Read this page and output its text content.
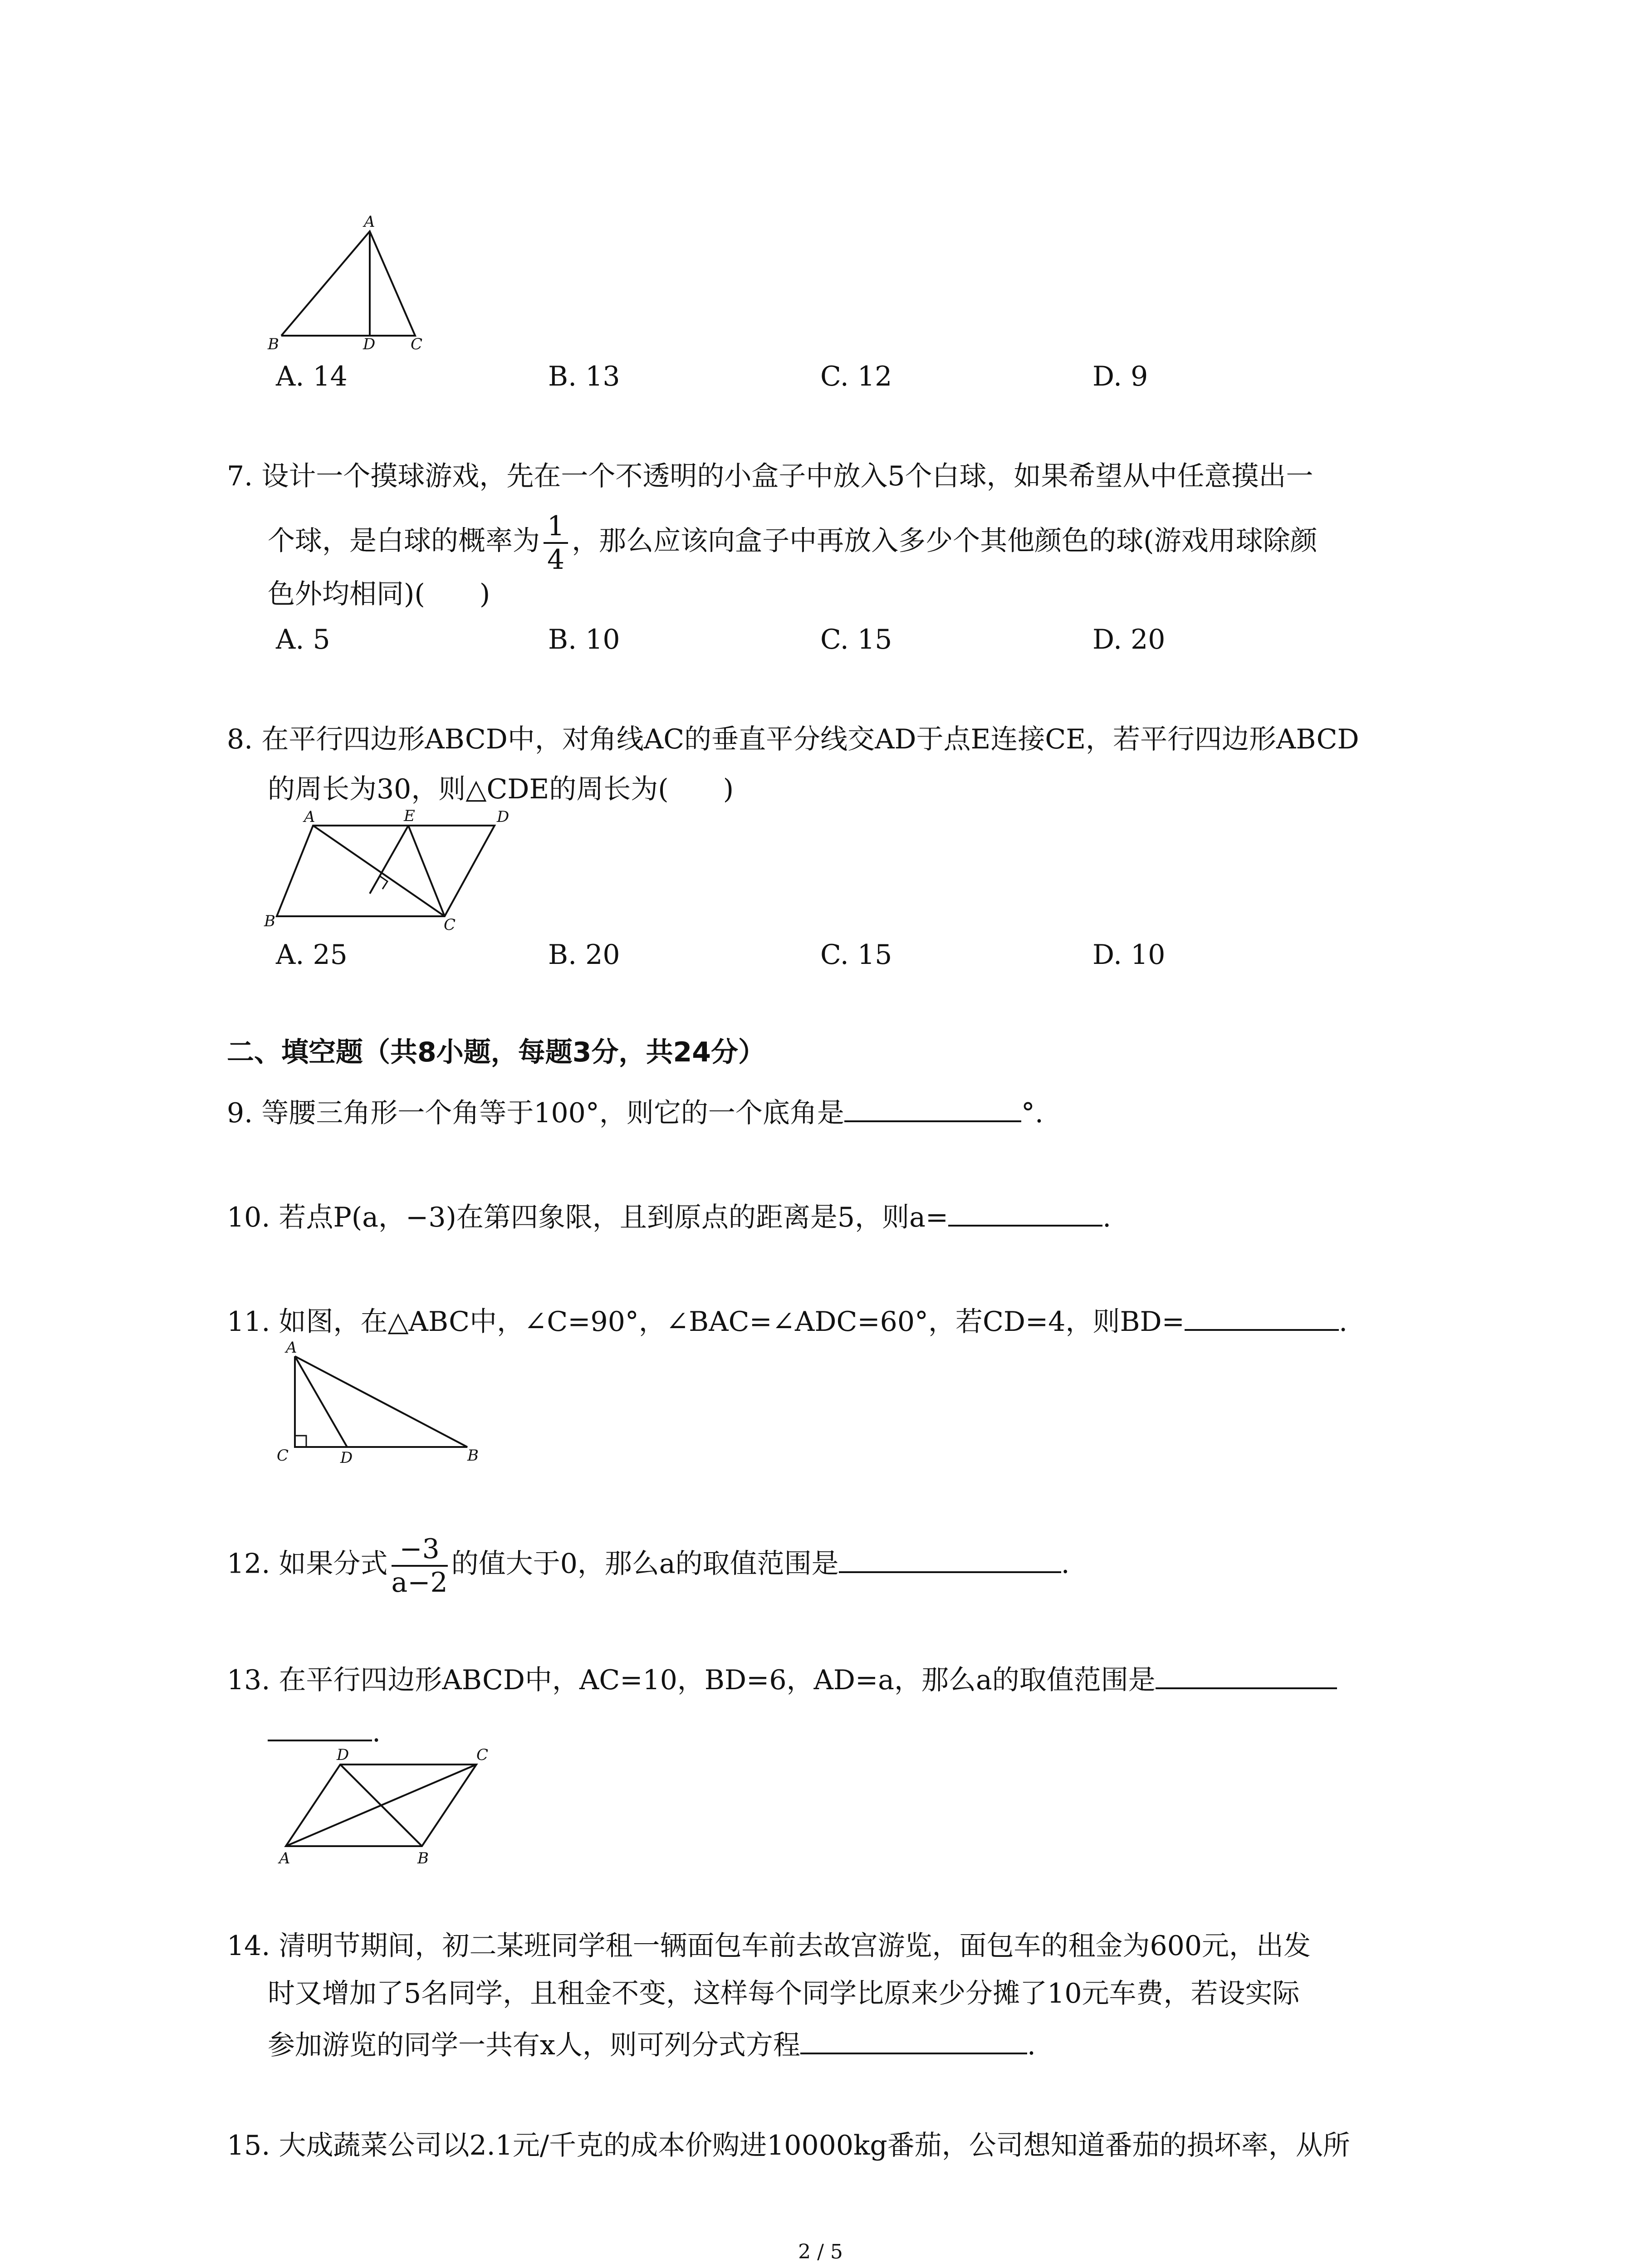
A
B	D C
A. 14	B. 13	C. 12	D. 9
7. 设计一个摸球游戏，先在一个不透明的小盒子中放入5个白球，如果希望从中任意摸出一
个球，是白球的概率为 $\frac{1}{4}$ ，那么应该向盒子中再放入多少个其他颜色的球(游戏用球除颜
色外均相同)(　　)
A. 5	B. 10	C. 15	D. 20
8. 在平行四边形ABCD中，对角线AC的垂直平分线交AD于点E连接CE，若平行四边形ABCD
的周长为30，则△CDE的周长为(　　)
A	E	D
B	C
A. 25	B. 20	C. 15	D. 10
二、填空题（共8小题，每题3分，共24分）
9. 等腰三角形一个角等于100°，则它的一个底角是	°.
10. 若点P(a，−3)在第四象限，且到原点的距离是5，则a=	.
11. 如图，在△ABC中，∠C=90°，∠BAC=∠ADC=60°，若CD=4，则BD=	.
A
C	D	B
12. 如果分式 $\frac{-3}{a-2}$ 的值大于0，那么a的取值范围是	.
13. 在平行四边形ABCD中，AC=10，BD=6，AD=a，那么a的取值范围是
.
D	C
A	B
14. 清明节期间，初二某班同学租一辆面包车前去故宫游览，面包车的租金为600元，出发
时又增加了5名同学，且租金不变，这样每个同学比原来少分摊了10元车费，若设实际
参加游览的同学一共有x人，则可列分式方程	.
15. 大成蔬菜公司以2.1元/千克的成本价购进10000kg番茄，公司想知道番茄的损坏率，从所
2 / 5
